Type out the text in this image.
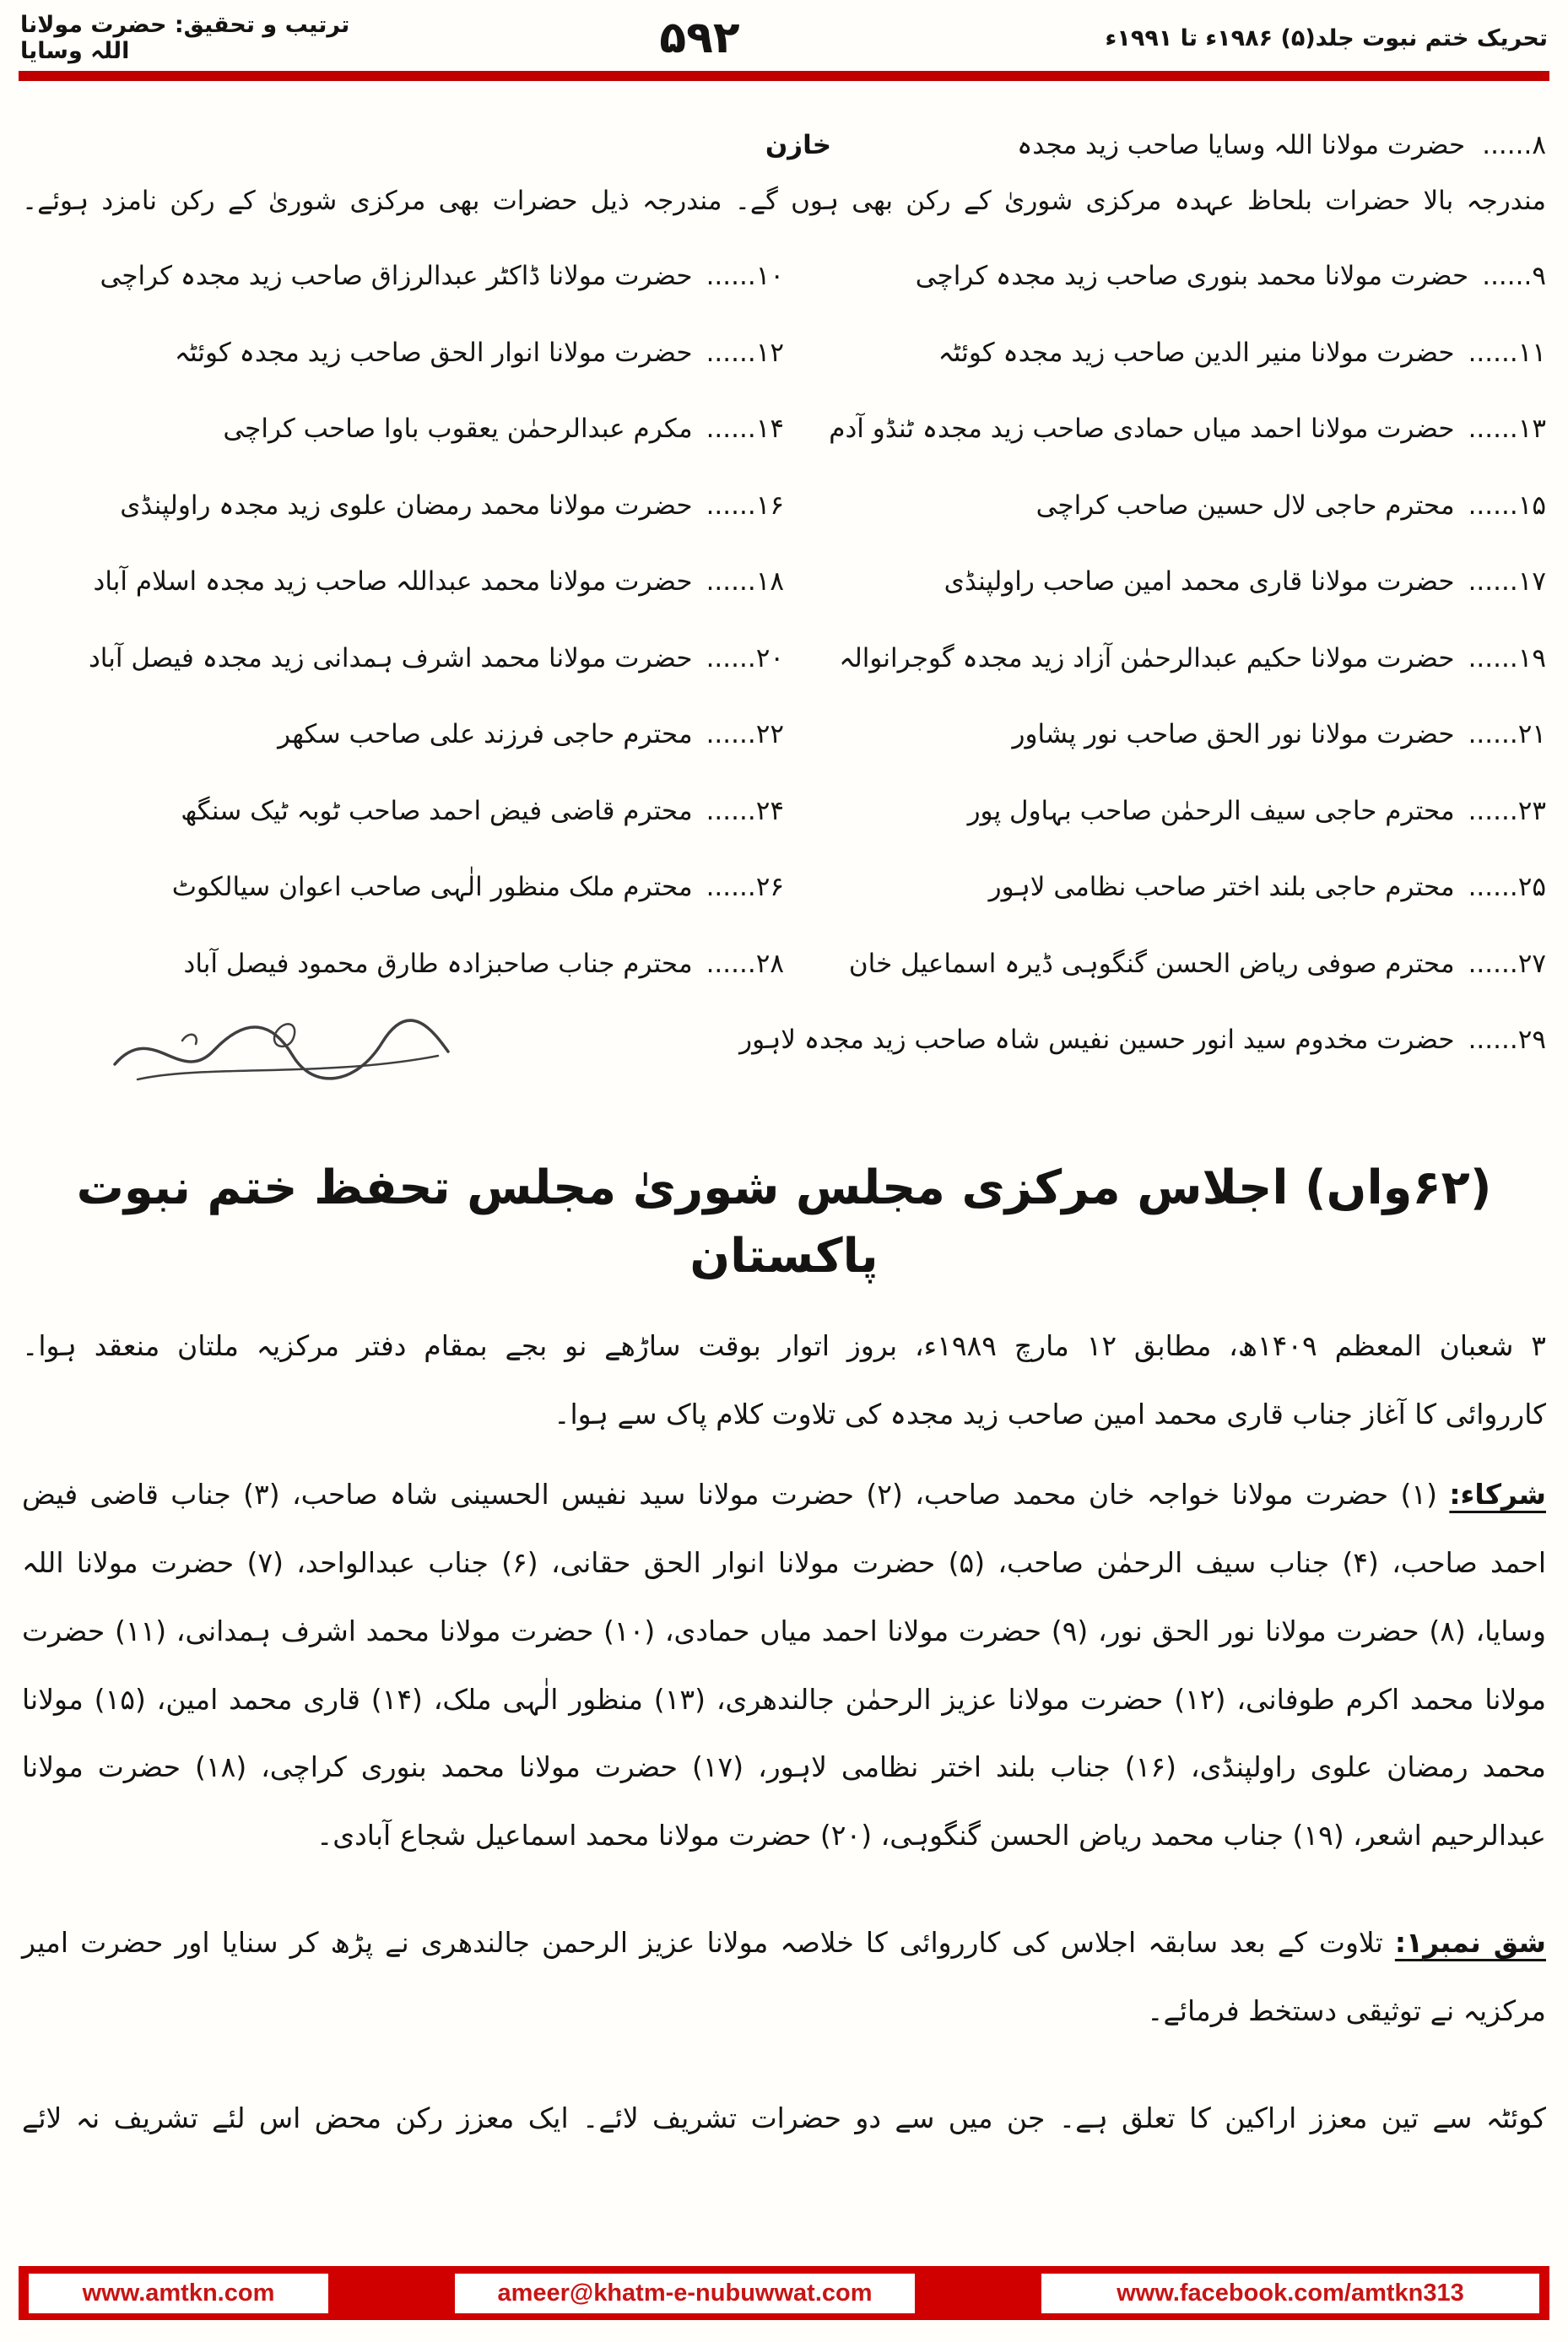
ترتیب و تحقیق: حضرت مولانا اللہ وسایا	۵۹۲	تحریک ختم نبوت جلد(۵) ۱۹۸۶ء تا ۱۹۹۱ء
۸......
حضرت مولانا اللہ وسایا صاحب زید مجدہ
خازن

مندرجہ بالا حضرات بلحاظ عہدہ مرکزی شوریٰ کے رکن بھی ہوں گے۔ مندرجہ ذیل حضرات بھی مرکزی شوریٰ کے رکن نامزد ہوئے۔

۹......
حضرت مولانا محمد بنوری صاحب زید مجدہ کراچی
۱۰......
حضرت مولانا ڈاکٹر عبدالرزاق صاحب زید مجدہ کراچی
۱۱......
حضرت مولانا منیر الدین صاحب زید مجدہ کوئٹہ
۱۲......
حضرت مولانا انوار الحق صاحب زید مجدہ کوئٹہ
۱۳......
حضرت مولانا احمد میاں حمادی صاحب زید مجدہ ٹنڈو آدم
۱۴......
مکرم عبدالرحمٰن یعقوب باوا صاحب کراچی
۱۵......
محترم حاجی لال حسین صاحب کراچی
۱۶......
حضرت مولانا محمد رمضان علوی زید مجدہ راولپنڈی
۱۷......
حضرت مولانا قاری محمد امین صاحب راولپنڈی
۱۸......
حضرت مولانا محمد عبداللہ صاحب زید مجدہ اسلام آباد
۱۹......
حضرت مولانا حکیم عبدالرحمٰن آزاد زید مجدہ گوجرانوالہ
۲۰......
حضرت مولانا محمد اشرف ہمدانی زید مجدہ فیصل آباد
۲۱......
حضرت مولانا نور الحق صاحب نور پشاور
۲۲......
محترم حاجی فرزند علی صاحب سکھر
۲۳......
محترم حاجی سیف الرحمٰن صاحب بہاول پور
۲۴......
محترم قاضی فیض احمد صاحب ٹوبہ ٹیک سنگھ
۲۵......
محترم حاجی بلند اختر صاحب نظامی لاہور
۲۶......
محترم ملک منظور الٰہی صاحب اعوان سیالکوٹ
۲۷......
محترم صوفی ریاض الحسن گنگوہی ڈیرہ اسماعیل خان
۲۸......
محترم جناب صاحبزادہ طارق محمود فیصل آباد
۲۹......
حضرت مخدوم سید انور حسین نفیس شاہ صاحب زید مجدہ لاہور
(۶۲واں) اجلاس مرکزی مجلس شوریٰ مجلس تحفظ ختم نبوت پاکستان

۳ شعبان المعظم ۱۴۰۹ھ، مطابق ۱۲ مارچ ۱۹۸۹ء، بروز اتوار بوقت ساڑھے نو بجے بمقام دفتر مرکزیہ ملتان منعقد ہوا۔

کارروائی کا آغاز جناب قاری محمد امین صاحب زید مجدہ کی تلاوت کلام پاک سے ہوا۔

شرکاء: (۱) حضرت مولانا خواجہ خان محمد صاحب، (۲) حضرت مولانا سید نفیس الحسینی شاہ صاحب، (۳) جناب قاضی فیض احمد صاحب، (۴) جناب سیف الرحمٰن صاحب، (۵) حضرت مولانا انوار الحق حقانی، (۶) جناب عبدالواحد، (۷) حضرت مولانا اللہ وسایا، (۸) حضرت مولانا نور الحق نور، (۹) حضرت مولانا احمد میاں حمادی، (۱۰) حضرت مولانا محمد اشرف ہمدانی، (۱۱) حضرت مولانا محمد اکرم طوفانی، (۱۲) حضرت مولانا عزیز الرحمٰن جالندھری، (۱۳) منظور الٰہی ملک، (۱۴) قاری محمد امین، (۱۵) مولانا محمد رمضان علوی راولپنڈی، (۱۶) جناب بلند اختر نظامی لاہور، (۱۷) حضرت مولانا محمد بنوری کراچی، (۱۸) حضرت مولانا عبدالرحیم اشعر، (۱۹) جناب محمد ریاض الحسن گنگوہی، (۲۰) حضرت مولانا محمد اسماعیل شجاع آبادی۔

شق نمبر۱: تلاوت کے بعد سابقہ اجلاس کی کارروائی کا خلاصہ مولانا عزیز الرحمن جالندھری نے پڑھ کر سنایا اور حضرت امیر مرکزیہ نے توثیقی دستخط فرمائے۔

کوئٹہ سے تین معزز اراکین کا تعلق ہے۔ جن میں سے دو حضرات تشریف لائے۔ ایک معزز رکن محض اس لئے تشریف نہ لائے

www.amtkn.com	ameer@khatm-e-nubuwwat.com	www.facebook.com/amtkn313
